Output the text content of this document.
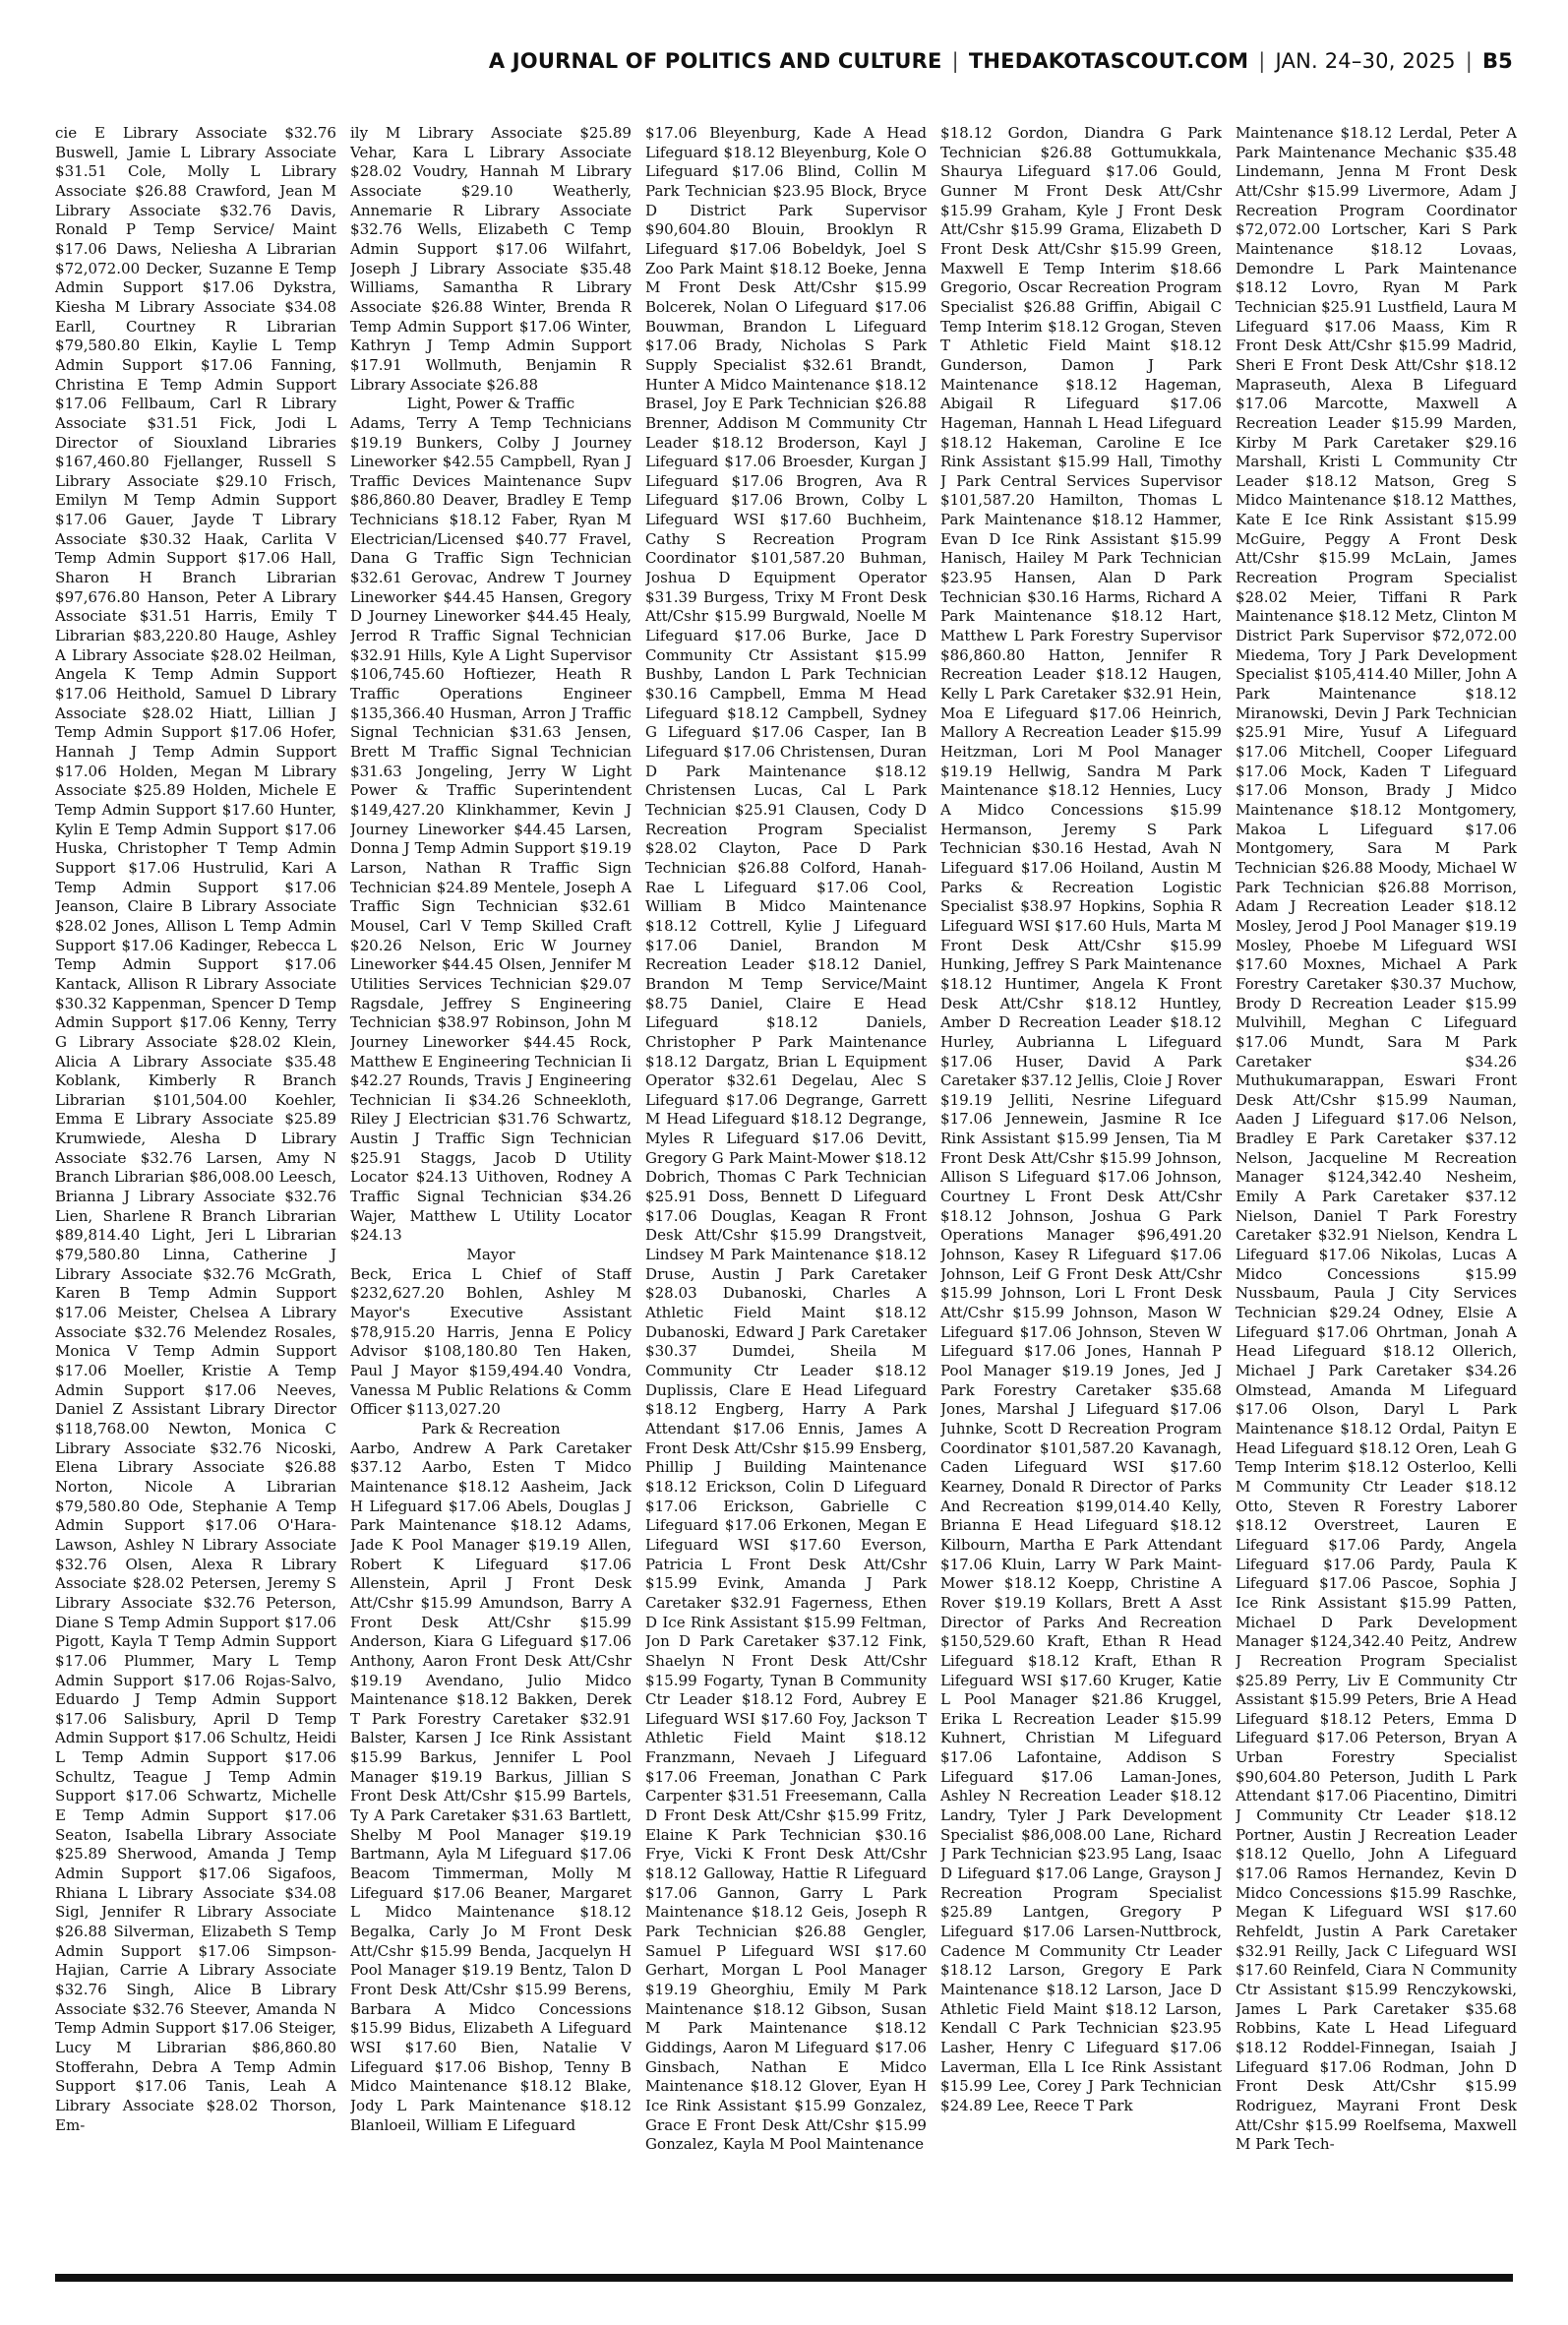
A JOURNAL OF POLITICS AND CULTURE | THEDAKOTASCOUT.COM | JAN. 24–30, 2025 | B5
cie E Library Associate $32.76 Buswell, Jamie L Library Associate $31.51 Cole, Molly L Library Associate $26.88 Crawford, Jean M Library Associate $32.76 Davis, Ronald P Temp Service/ Maint $17.06 Daws, Neliesha A Librarian $72,072.00 Decker, Suzanne E Temp Admin Support $17.06 Dykstra, Kiesha M Library Associate $34.08 Earll, Courtney R Librarian $79,580.80 Elkin, Kaylie L Temp Admin Support $17.06 Fanning, Christina E Temp Admin Support $17.06 Fellbaum, Carl R Library Associate $31.51 Fick, Jodi L Director of Siouxland Libraries $167,460.80 Fjellanger, Russell S Library Associate $29.10 Frisch, Emilyn M Temp Admin Support $17.06 Gauer, Jayde T Library Associate $30.32 Haak, Carlita V Temp Admin Support $17.06 Hall, Sharon H Branch Librarian $97,676.80 Hanson, Peter A Library Associate $31.51 Harris, Emily T Librarian $83,220.80 Hauge, Ashley A Library Associate $28.02 Heilman, Angela K Temp Admin Support $17.06 Heithold, Samuel D Library Associate $28.02 Hiatt, Lillian J Temp Admin Support $17.06 Hofer, Hannah J Temp Admin Support $17.06 Holden, Megan M Library Associate $25.89 Holden, Michele E Temp Admin Support $17.60 Hunter, Kylin E Temp Admin Support $17.06 Huska, Christopher T Temp Admin Support $17.06 Hustrulid, Kari A Temp Admin Support $17.06 Jeanson, Claire B Library Associate $28.02 Jones, Allison L Temp Admin Support $17.06 Kadinger, Rebecca L Temp Admin Support $17.06 Kantack, Allison R Library Associate $30.32 Kappenman, Spencer D Temp Admin Support $17.06 Kenny, Terry G Library Associate $28.02 Klein, Alicia A Library Associate $35.48 Koblank, Kimberly R Branch Librarian $101,504.00 Koehler, Emma E Library Associate $25.89 Krumwiede, Alesha D Library Associate $32.76 Larsen, Amy N Branch Librarian $86,008.00 Leesch, Brianna J Library Associate $32.76 Lien, Sharlene R Branch Librarian $89,814.40 Light, Jeri L Librarian $79,580.80 Linna, Catherine J Library Associate $32.76 McGrath, Karen B Temp Admin Support $17.06 Meister, Chelsea A Library Associate $32.76 Melendez Rosales, Monica V Temp Admin Support $17.06 Moeller, Kristie A Temp Admin Support $17.06 Neeves, Daniel Z Assistant Library Director $118,768.00 Newton, Monica C Library Associate $32.76 Nicoski, Elena Library Associate $26.88 Norton, Nicole A Librarian $79,580.80 Ode, Stephanie A Temp Admin Support $17.06 O'Hara-Lawson, Ashley N Library Associate $32.76 Olsen, Alexa R Library Associate $28.02 Petersen, Jeremy S Library Associate $32.76 Peterson, Diane S Temp Admin Support $17.06 Pigott, Kayla T Temp Admin Support $17.06 Plummer, Mary L Temp Admin Support $17.06 Rojas-Salvo, Eduardo J Temp Admin Support $17.06 Salisbury, April D Temp Admin Support $17.06 Schultz, Heidi L Temp Admin Support $17.06 Schultz, Teague J Temp Admin Support $17.06 Schwartz, Michelle E Temp Admin Support $17.06 Seaton, Isabella Library Associate $25.89 Sherwood, Amanda J Temp Admin Support $17.06 Sigafoos, Rhiana L Library Associate $34.08 Sigl, Jennifer R Library Associate $26.88 Silverman, Elizabeth S Temp Admin Support $17.06 Simpson-Hajian, Carrie A Library Associate $32.76 Singh, Alice B Library Associate $32.76 Steever, Amanda N Temp Admin Support $17.06 Steiger, Lucy M Librarian $86,860.80 Stofferahn, Debra A Temp Admin Support $17.06 Tanis, Leah A Library Associate $28.02 Thorson, Em-
ily M Library Associate $25.89 Vehar, Kara L Library Associate $28.02 Voudry, Hannah M Library Associate $29.10 Weatherly, Annemarie R Library Associate $32.76 Wells, Elizabeth C Temp Admin Support $17.06 Wilfahrt, Joseph J Library Associate $35.48 Williams, Samantha R Library Associate $26.88 Winter, Brenda R Temp Admin Support $17.06 Winter, Kathryn J Temp Admin Support $17.91 Wollmuth, Benjamin R Library Associate $26.88
Light, Power & Traffic
Adams, Terry A Temp Technicians $19.19 Bunkers, Colby J Journey Lineworker $42.55 Campbell, Ryan J Traffic Devices Maintenance Supv $86,860.80 Deaver, Bradley E Temp Technicians $18.12 Faber, Ryan M Electrician/Licensed $40.77 Fravel, Dana G Traffic Sign Technician $32.61 Gerovac, Andrew T Journey Lineworker $44.45 Hansen, Gregory D Journey Lineworker $44.45 Healy, Jerrod R Traffic Signal Technician $32.91 Hills, Kyle A Light Supervisor $106,745.60 Hoftiezer, Heath R Traffic Operations Engineer $135,366.40 Husman, Arron J Traffic Signal Technician $31.63 Jensen, Brett M Traffic Signal Technician $31.63 Jongeling, Jerry W Light Power & Traffic Superintendent $149,427.20 Klinkhammer, Kevin J Journey Lineworker $44.45 Larsen, Donna J Temp Admin Support $19.19 Larson, Nathan R Traffic Sign Technician $24.89 Mentele, Joseph A Traffic Sign Technician $32.61 Mousel, Carl V Temp Skilled Craft $20.26 Nelson, Eric W Journey Lineworker $44.45 Olsen, Jennifer M Utilities Services Technician $29.07 Ragsdale, Jeffrey S Engineering Technician $38.97 Robinson, John M Journey Lineworker $44.45 Rock, Matthew E Engineering Technician Ii $42.27 Rounds, Travis J Engineering Technician Ii $34.26 Schneekloth, Riley J Electrician $31.76 Schwartz, Austin J Traffic Sign Technician $25.91 Staggs, Jacob D Utility Locator $24.13 Uithoven, Rodney A Traffic Signal Technician $34.26 Wajer, Matthew L Utility Locator $24.13
Mayor
Beck, Erica L Chief of Staff $232,627.20 Bohlen, Ashley M Mayor's Executive Assistant $78,915.20 Harris, Jenna E Policy Advisor $108,180.80 Ten Haken, Paul J Mayor $159,494.40 Vondra, Vanessa M Public Relations & Comm Officer $113,027.20
Park & Recreation
Aarbo, Andrew A Park Caretaker $37.12 Aarbo, Esten T Midco Maintenance $18.12 Aasheim, Jack H Lifeguard $17.06 Abels, Douglas J Park Maintenance $18.12 Adams, Jade K Pool Manager $19.19 Allen, Robert K Lifeguard $17.06 Allenstein, April J Front Desk Att/Cshr $15.99 Amundson, Barry A Front Desk Att/Cshr $15.99 Anderson, Kiara G Lifeguard $17.06 Anthony, Aaron Front Desk Att/Cshr $19.19 Avendano, Julio Midco Maintenance $18.12 Bakken, Derek T Park Forestry Caretaker $32.91 Balster, Karsen J Ice Rink Assistant $15.99 Barkus, Jennifer L Pool Manager $19.19 Barkus, Jillian S Front Desk Att/Cshr $15.99 Bartels, Ty A Park Caretaker $31.63 Bartlett, Shelby M Pool Manager $19.19 Bartmann, Ayla M Lifeguard $17.06 Beacom Timmerman, Molly M Lifeguard $17.06 Beaner, Margaret L Midco Maintenance $18.12 Begalka, Carly Jo M Front Desk Att/Cshr $15.99 Benda, Jacquelyn H Pool Manager $19.19 Bentz, Talon D Front Desk Att/Cshr $15.99 Berens, Barbara A Midco Concessions $15.99 Bidus, Elizabeth A Lifeguard WSI $17.60 Bien, Natalie V Lifeguard $17.06 Bishop, Tenny B Midco Maintenance $18.12 Blake, Jody L Park Maintenance $18.12 Blanloeil, William E Lifeguard
$17.06 Bleyenburg, Kade A Head Lifeguard $18.12 Bleyenburg, Kole O Lifeguard $17.06 Blind, Collin M Park Technician $23.95 Block, Bryce D District Park Supervisor $90,604.80 Blouin, Brooklyn R Lifeguard $17.06 Bobeldyk, Joel S Zoo Park Maint $18.12 Boeke, Jenna M Front Desk Att/Cshr $15.99 Bolcerek, Nolan O Lifeguard $17.06 Bouwman, Brandon L Lifeguard $17.06 Brady, Nicholas S Park Supply Specialist $32.61 Brandt, Hunter A Midco Maintenance $18.12 Brasel, Joy E Park Technician $26.88 Brenner, Addison M Community Ctr Leader $18.12 Broderson, Kayl J Lifeguard $17.06 Broesder, Kurgan J Lifeguard $17.06 Brogren, Ava R Lifeguard $17.06 Brown, Colby L Lifeguard WSI $17.60 Buchheim, Cathy S Recreation Program Coordinator $101,587.20 Buhman, Joshua D Equipment Operator $31.39 Burgess, Trixy M Front Desk Att/Cshr $15.99 Burgwald, Noelle M Lifeguard $17.06 Burke, Jace D Community Ctr Assistant $15.99 Bushby, Landon L Park Technician $30.16 Campbell, Emma M Head Lifeguard $18.12 Campbell, Sydney G Lifeguard $17.06 Casper, Ian B Lifeguard $17.06 Christensen, Duran D Park Maintenance $18.12 Christensen Lucas, Cal L Park Technician $25.91 Clausen, Cody D Recreation Program Specialist $28.02 Clayton, Pace D Park Technician $26.88 Colford, Hanah-Rae L Lifeguard $17.06 Cool, William B Midco Maintenance $18.12 Cottrell, Kylie J Lifeguard $17.06 Daniel, Brandon M Recreation Leader $18.12 Daniel, Brandon M Temp Service/Maint $8.75 Daniel, Claire E Head Lifeguard $18.12 Daniels, Christopher P Park Maintenance $18.12 Dargatz, Brian L Equipment Operator $32.61 Degelau, Alec S Lifeguard $17.06 Degrange, Garrett M Head Lifeguard $18.12 Degrange, Myles R Lifeguard $17.06 Devitt, Gregory G Park Maint-Mower $18.12 Dobrich, Thomas C Park Technician $25.91 Doss, Bennett D Lifeguard $17.06 Douglas, Keagan R Front Desk Att/Cshr $15.99 Drangstveit, Lindsey M Park Maintenance $18.12 Druse, Austin J Park Caretaker $28.03 Dubanoski, Charles A Athletic Field Maint $18.12 Dubanoski, Edward J Park Caretaker $30.37 Dumdei, Sheila M Community Ctr Leader $18.12 Duplissis, Clare E Head Lifeguard $18.12 Engberg, Harry A Park Attendant $17.06 Ennis, James A Front Desk Att/Cshr $15.99 Ensberg, Phillip J Building Maintenance $18.12 Erickson, Colin D Lifeguard $17.06 Erickson, Gabrielle C Lifeguard $17.06 Erkonen, Megan E Lifeguard WSI $17.60 Everson, Patricia L Front Desk Att/Cshr $15.99 Evink, Amanda J Park Caretaker $32.91 Fagerness, Ethen D Ice Rink Assistant $15.99 Feltman, Jon D Park Caretaker $37.12 Fink, Shaelyn N Front Desk Att/Cshr $15.99 Fogarty, Tynan B Community Ctr Leader $18.12 Ford, Aubrey E Lifeguard WSI $17.60 Foy, Jackson T Athletic Field Maint $18.12 Franzmann, Nevaeh J Lifeguard $17.06 Freeman, Jonathan C Park Carpenter $31.51 Freesemann, Calla D Front Desk Att/Cshr $15.99 Fritz, Elaine K Park Technician $30.16 Frye, Vicki K Front Desk Att/Cshr $18.12 Galloway, Hattie R Lifeguard $17.06 Gannon, Garry L Park Maintenance $18.12 Geis, Joseph R Park Technician $26.88 Gengler, Samuel P Lifeguard WSI $17.60 Gerhart, Morgan L Pool Manager $19.19 Gheorghiu, Emily M Park Maintenance $18.12 Gibson, Susan M Park Maintenance $18.12 Giddings, Aaron M Lifeguard $17.06 Ginsbach, Nathan E Midco Maintenance $18.12 Glover, Eyan H Ice Rink Assistant $15.99 Gonzalez, Grace E Front Desk Att/Cshr $15.99 Gonzalez, Kayla M Pool Maintenance
$18.12 Gordon, Diandra G Park Technician $26.88 Gottumukkala, Shaurya Lifeguard $17.06 Gould, Gunner M Front Desk Att/Cshr $15.99 Graham, Kyle J Front Desk Att/Cshr $15.99 Grama, Elizabeth D Front Desk Att/Cshr $15.99 Green, Maxwell E Temp Interim $18.66 Gregorio, Oscar Recreation Program Specialist $26.88 Griffin, Abigail C Temp Interim $18.12 Grogan, Steven T Athletic Field Maint $18.12 Gunderson, Damon J Park Maintenance $18.12 Hageman, Abigail R Lifeguard $17.06 Hageman, Hannah L Head Lifeguard $18.12 Hakeman, Caroline E Ice Rink Assistant $15.99 Hall, Timothy J Park Central Services Supervisor $101,587.20 Hamilton, Thomas L Park Maintenance $18.12 Hammer, Evan D Ice Rink Assistant $15.99 Hanisch, Hailey M Park Technician $23.95 Hansen, Alan D Park Technician $30.16 Harms, Richard A Park Maintenance $18.12 Hart, Matthew L Park Forestry Supervisor $86,860.80 Hatton, Jennifer R Recreation Leader $18.12 Haugen, Kelly L Park Caretaker $32.91 Hein, Moa E Lifeguard $17.06 Heinrich, Mallory A Recreation Leader $15.99 Heitzman, Lori M Pool Manager $19.19 Hellwig, Sandra M Park Maintenance $18.12 Hennies, Lucy A Midco Concessions $15.99 Hermanson, Jeremy S Park Technician $30.16 Hestad, Avah N Lifeguard $17.06 Hoiland, Austin M Parks & Recreation Logistic Specialist $38.97 Hopkins, Sophia R Lifeguard WSI $17.60 Huls, Marta M Front Desk Att/Cshr $15.99 Hunking, Jeffrey S Park Maintenance $18.12 Huntimer, Angela K Front Desk Att/Cshr $18.12 Huntley, Amber D Recreation Leader $18.12 Hurley, Aubrianna L Lifeguard $17.06 Huser, David A Park Caretaker $37.12 Jellis, Cloie J Rover $19.19 Jelliti, Nesrine Lifeguard $17.06 Jennewein, Jasmine R Ice Rink Assistant $15.99 Jensen, Tia M Front Desk Att/Cshr $15.99 Johnson, Allison S Lifeguard $17.06 Johnson, Courtney L Front Desk Att/Cshr $18.12 Johnson, Joshua G Park Operations Manager $96,491.20 Johnson, Kasey R Lifeguard $17.06 Johnson, Leif G Front Desk Att/Cshr $15.99 Johnson, Lori L Front Desk Att/Cshr $15.99 Johnson, Mason W Lifeguard $17.06 Johnson, Steven W Lifeguard $17.06 Jones, Hannah P Pool Manager $19.19 Jones, Jed J Park Forestry Caretaker $35.68 Jones, Marshal J Lifeguard $17.06 Juhnke, Scott D Recreation Program Coordinator $101,587.20 Kavanagh, Caden Lifeguard WSI $17.60 Kearney, Donald R Director of Parks And Recreation $199,014.40 Kelly, Brianna E Head Lifeguard $18.12 Kilbourn, Martha E Park Attendant $17.06 Kluin, Larry W Park Maint-Mower $18.12 Koepp, Christine A Rover $19.19 Kollars, Brett A Asst Director of Parks And Recreation $150,529.60 Kraft, Ethan R Head Lifeguard $18.12 Kraft, Ethan R Lifeguard WSI $17.60 Kruger, Katie L Pool Manager $21.86 Kruggel, Erika L Recreation Leader $15.99 Kuhnert, Christian M Lifeguard $17.06 Lafontaine, Addison S Lifeguard $17.06 Laman-Jones, Ashley N Recreation Leader $18.12 Landry, Tyler J Park Development Specialist $86,008.00 Lane, Richard J Park Technician $23.95 Lang, Isaac D Lifeguard $17.06 Lange, Grayson J Recreation Program Specialist $25.89 Lantgen, Gregory P Lifeguard $17.06 Larsen-Nuttbrock, Cadence M Community Ctr Leader $18.12 Larson, Gregory E Park Maintenance $18.12 Larson, Jace D Athletic Field Maint $18.12 Larson, Kendall C Park Technician $23.95 Lasher, Henry C Lifeguard $17.06 Laverman, Ella L Ice Rink Assistant $15.99 Lee, Corey J Park Technician $24.89 Lee, Reece T Park
Maintenance $18.12 Lerdal, Peter A Park Maintenance Mechanic $35.48 Lindemann, Jenna M Front Desk Att/Cshr $15.99 Livermore, Adam J Recreation Program Coordinator $72,072.00 Lortscher, Kari S Park Maintenance $18.12 Lovaas, Demondre L Park Maintenance $18.12 Lovro, Ryan M Park Technician $25.91 Lustfield, Laura M Lifeguard $17.06 Maass, Kim R Front Desk Att/Cshr $15.99 Madrid, Sheri E Front Desk Att/Cshr $18.12 Mapraseuth, Alexa B Lifeguard $17.06 Marcotte, Maxwell A Recreation Leader $15.99 Marden, Kirby M Park Caretaker $29.16 Marshall, Kristi L Community Ctr Leader $18.12 Matson, Greg S Midco Maintenance $18.12 Matthes, Kate E Ice Rink Assistant $15.99 McGuire, Peggy A Front Desk Att/Cshr $15.99 McLain, James Recreation Program Specialist $28.02 Meier, Tiffani R Park Maintenance $18.12 Metz, Clinton M District Park Supervisor $72,072.00 Miedema, Tory J Park Development Specialist $105,414.40 Miller, John A Park Maintenance $18.12 Miranowski, Devin J Park Technician $25.91 Mire, Yusuf A Lifeguard $17.06 Mitchell, Cooper Lifeguard $17.06 Mock, Kaden T Lifeguard $17.06 Monson, Brady J Midco Maintenance $18.12 Montgomery, Makoa L Lifeguard $17.06 Montgomery, Sara M Park Technician $26.88 Moody, Michael W Park Technician $26.88 Morrison, Adam J Recreation Leader $18.12 Mosley, Jerod J Pool Manager $19.19 Mosley, Phoebe M Lifeguard WSI $17.60 Moxnes, Michael A Park Forestry Caretaker $30.37 Muchow, Brody D Recreation Leader $15.99 Mulvihill, Meghan C Lifeguard $17.06 Mundt, Sara M Park Caretaker $34.26 Muthukumarappan, Eswari Front Desk Att/Cshr $15.99 Nauman, Aaden J Lifeguard $17.06 Nelson, Bradley E Park Caretaker $37.12 Nelson, Jacqueline M Recreation Manager $124,342.40 Nesheim, Emily A Park Caretaker $37.12 Nielson, Daniel T Park Forestry Caretaker $32.91 Nielson, Kendra L Lifeguard $17.06 Nikolas, Lucas A Midco Concessions $15.99 Nussbaum, Paula J City Services Technician $29.24 Odney, Elsie A Lifeguard $17.06 Ohrtman, Jonah A Head Lifeguard $18.12 Ollerich, Michael J Park Caretaker $34.26 Olmstead, Amanda M Lifeguard $17.06 Olson, Daryl L Park Maintenance $18.12 Ordal, Paityn E Head Lifeguard $18.12 Oren, Leah G Temp Interim $18.12 Osterloo, Kelli M Community Ctr Leader $18.12 Otto, Steven R Forestry Laborer $18.12 Overstreet, Lauren E Lifeguard $17.06 Pardy, Angela Lifeguard $17.06 Pardy, Paula K Lifeguard $17.06 Pascoe, Sophia J Ice Rink Assistant $15.99 Patten, Michael D Park Development Manager $124,342.40 Peitz, Andrew J Recreation Program Specialist $25.89 Perry, Liv E Community Ctr Assistant $15.99 Peters, Brie A Head Lifeguard $18.12 Peters, Emma D Lifeguard $17.06 Peterson, Bryan A Urban Forestry Specialist $90,604.80 Peterson, Judith L Park Attendant $17.06 Piacentino, Dimitri J Community Ctr Leader $18.12 Portner, Austin J Recreation Leader $18.12 Quello, John A Lifeguard $17.06 Ramos Hernandez, Kevin D Midco Concessions $15.99 Raschke, Megan K Lifeguard WSI $17.60 Rehfeldt, Justin A Park Caretaker $32.91 Reilly, Jack C Lifeguard WSI $17.60 Reinfeld, Ciara N Community Ctr Assistant $15.99 Renczykowski, James L Park Caretaker $35.68 Robbins, Kate L Head Lifeguard $18.12 Roddel-Finnegan, Isaiah J Lifeguard $17.06 Rodman, John D Front Desk Att/Cshr $15.99 Rodriguez, Mayrani Front Desk Att/Cshr $15.99 Roelfsema, Maxwell M Park Tech-
